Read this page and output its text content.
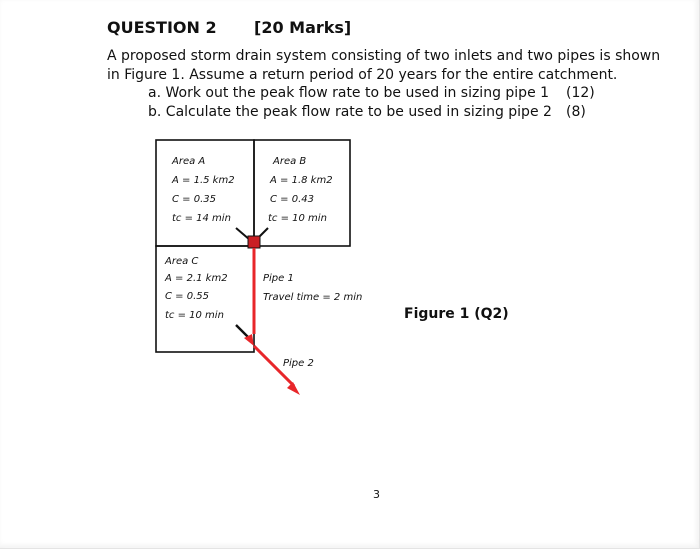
QUESTION 2 [20 Marks]
A proposed storm drain system consisting of two inlets and two pipes is shown in Figure 1. Assume a return period of 20 years for the entire catchment.
a. Work out the peak flow rate to be used in sizing pipe 1 (12)
b. Calculate the peak flow rate to be used in sizing pipe 2 (8)
Area A
A = 1.5 km2
C = 0.35
tc = 14 min
Area B
A = 1.8 km2
C = 0.43
tc = 10 min
Area C
A = 2.1 km2
C = 0.55
tc = 10 min
Pipe 1
Travel time = 2 min
Pipe 2
Figure 1 (Q2)
3
